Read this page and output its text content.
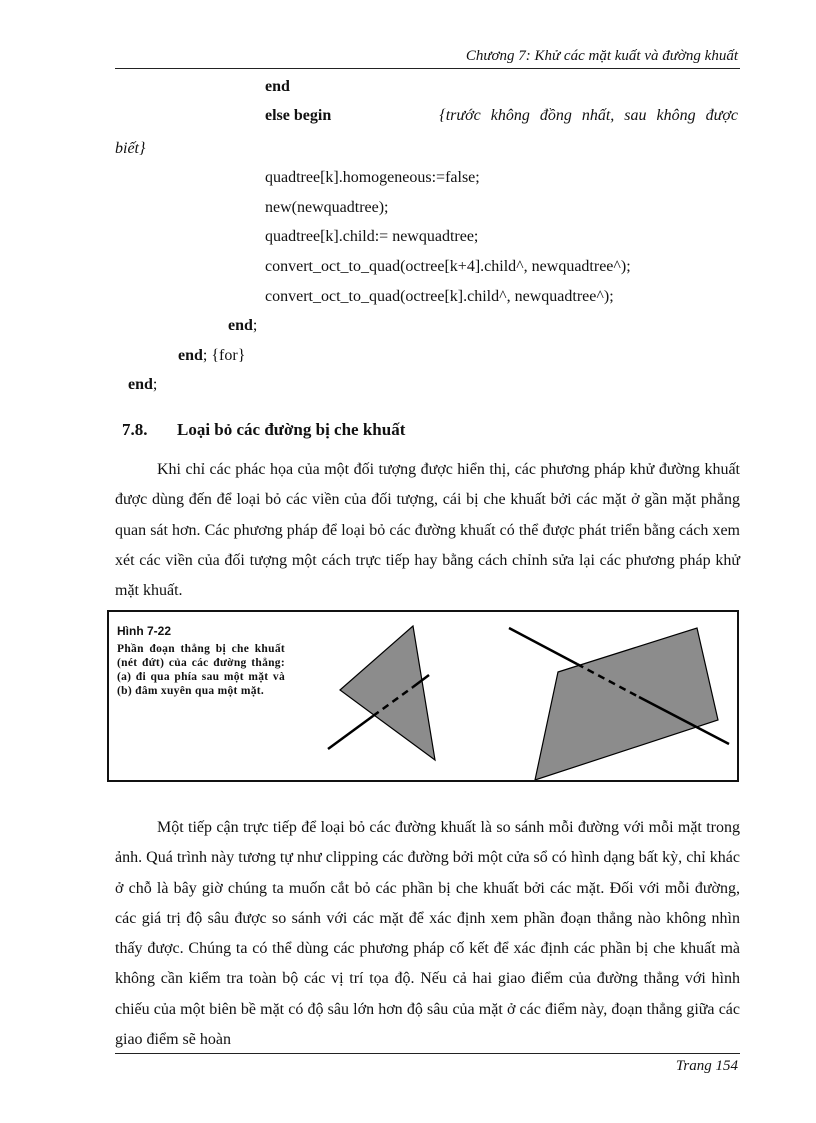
Chương 7: Khử các mặt kuất và đường khuất
end
else begin	{trước không đồng nhất, sau không được
biết}
quadtree[k].homogeneous:=false;
new(newquadtree);
quadtree[k].child:= newquadtree;
convert_oct_to_quad(octree[k+4].child^, newquadtree^);
convert_oct_to_quad(octree[k].child^, newquadtree^);
end;
end; {for}
end;
7.8. Loại bỏ các đường bị che khuất

Khi chỉ các phác họa của một đối tượng được hiển thị, các phương pháp khử đường khuất được dùng đến để loại bỏ các viền của đối tượng, cái bị che khuất bởi các mặt ở gần mặt phẳng quan sát hơn. Các phương pháp để loại bỏ các đường khuất có thể được phát triển bằng cách xem xét các viền của đối tượng một cách trực tiếp hay bằng cách chỉnh sửa lại các phương pháp khử mặt khuất.

Hình 7-22
Phần đoạn thẳng bị che khuất (nét đứt) của các đường thẳng: (a) đi qua phía sau một mặt và (b) đâm xuyên qua một mặt.

Một tiếp cận trực tiếp để loại bỏ các đường khuất là so sánh mỗi đường với mỗi mặt trong ảnh. Quá trình này tương tự như clipping các đường bởi một cửa sổ có hình dạng bất kỳ, chỉ khác ở chỗ là bây giờ chúng ta muốn cắt bỏ các phần bị che khuất bởi các mặt. Đối với mỗi đường, các giá trị độ sâu được so sánh với các mặt để xác định xem phần đoạn thẳng nào không nhìn thấy được. Chúng ta có thể dùng các phương pháp cố kết để xác định các phần bị che khuất mà không cần kiểm tra toàn bộ các vị trí tọa độ. Nếu cả hai giao điểm của đường thẳng với hình chiếu của một biên bề mặt có độ sâu lớn hơn độ sâu của mặt ở các điểm này, đoạn thẳng giữa các giao điểm sẽ hoàn

Trang 154
